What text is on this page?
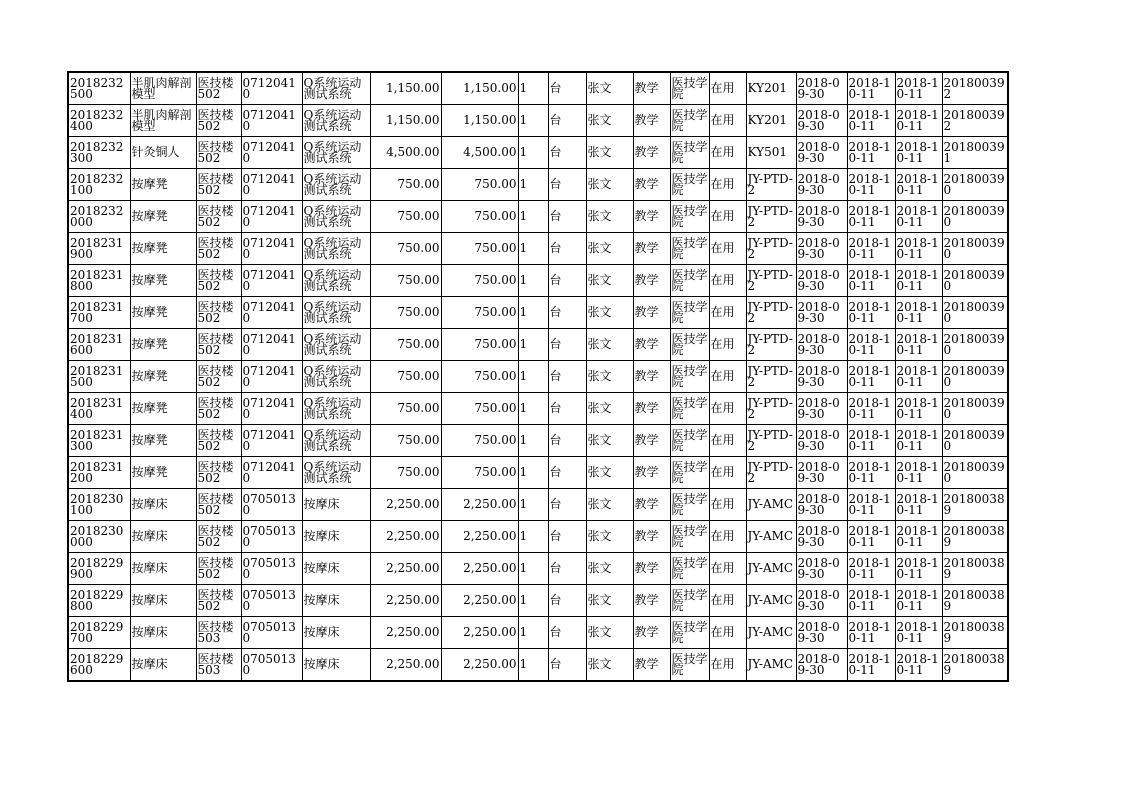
2018232500	半肌肉解剖模型	医技楼502	07120410	Q系统运动测试系统	1,150.00	1,150.00	1	台	张文	教学	医技学院	在用	KY201	2018-09-30	2018-10-11	2018-10-11	201800392
2018232400	半肌肉解剖模型	医技楼502	07120410	Q系统运动测试系统	1,150.00	1,150.00	1	台	张文	教学	医技学院	在用	KY201	2018-09-30	2018-10-11	2018-10-11	201800392
2018232300	针灸铜人	医技楼502	07120410	Q系统运动测试系统	4,500.00	4,500.00	1	台	张文	教学	医技学院	在用	KY501	2018-09-30	2018-10-11	2018-10-11	201800391
2018232100	按摩凳	医技楼502	07120410	Q系统运动测试系统	750.00	750.00	1	台	张文	教学	医技学院	在用	JY-PTD-2	2018-09-30	2018-10-11	2018-10-11	201800390
2018232000	按摩凳	医技楼502	07120410	Q系统运动测试系统	750.00	750.00	1	台	张文	教学	医技学院	在用	JY-PTD-2	2018-09-30	2018-10-11	2018-10-11	201800390
2018231900	按摩凳	医技楼502	07120410	Q系统运动测试系统	750.00	750.00	1	台	张文	教学	医技学院	在用	JY-PTD-2	2018-09-30	2018-10-11	2018-10-11	201800390
2018231800	按摩凳	医技楼502	07120410	Q系统运动测试系统	750.00	750.00	1	台	张文	教学	医技学院	在用	JY-PTD-2	2018-09-30	2018-10-11	2018-10-11	201800390
2018231700	按摩凳	医技楼502	07120410	Q系统运动测试系统	750.00	750.00	1	台	张文	教学	医技学院	在用	JY-PTD-2	2018-09-30	2018-10-11	2018-10-11	201800390
2018231600	按摩凳	医技楼502	07120410	Q系统运动测试系统	750.00	750.00	1	台	张文	教学	医技学院	在用	JY-PTD-2	2018-09-30	2018-10-11	2018-10-11	201800390
2018231500	按摩凳	医技楼502	07120410	Q系统运动测试系统	750.00	750.00	1	台	张文	教学	医技学院	在用	JY-PTD-2	2018-09-30	2018-10-11	2018-10-11	201800390
2018231400	按摩凳	医技楼502	07120410	Q系统运动测试系统	750.00	750.00	1	台	张文	教学	医技学院	在用	JY-PTD-2	2018-09-30	2018-10-11	2018-10-11	201800390
2018231300	按摩凳	医技楼502	07120410	Q系统运动测试系统	750.00	750.00	1	台	张文	教学	医技学院	在用	JY-PTD-2	2018-09-30	2018-10-11	2018-10-11	201800390
2018231200	按摩凳	医技楼502	07120410	Q系统运动测试系统	750.00	750.00	1	台	张文	教学	医技学院	在用	JY-PTD-2	2018-09-30	2018-10-11	2018-10-11	201800390
2018230100	按摩床	医技楼502	07050130	按摩床	2,250.00	2,250.00	1	台	张文	教学	医技学院	在用	JY-AMC	2018-09-30	2018-10-11	2018-10-11	201800389
2018230000	按摩床	医技楼502	07050130	按摩床	2,250.00	2,250.00	1	台	张文	教学	医技学院	在用	JY-AMC	2018-09-30	2018-10-11	2018-10-11	201800389
2018229900	按摩床	医技楼502	07050130	按摩床	2,250.00	2,250.00	1	台	张文	教学	医技学院	在用	JY-AMC	2018-09-30	2018-10-11	2018-10-11	201800389
2018229800	按摩床	医技楼502	07050130	按摩床	2,250.00	2,250.00	1	台	张文	教学	医技学院	在用	JY-AMC	2018-09-30	2018-10-11	2018-10-11	201800389
2018229700	按摩床	医技楼503	07050130	按摩床	2,250.00	2,250.00	1	台	张文	教学	医技学院	在用	JY-AMC	2018-09-30	2018-10-11	2018-10-11	201800389
2018229600	按摩床	医技楼503	07050130	按摩床	2,250.00	2,250.00	1	台	张文	教学	医技学院	在用	JY-AMC	2018-09-30	2018-10-11	2018-10-11	201800389
